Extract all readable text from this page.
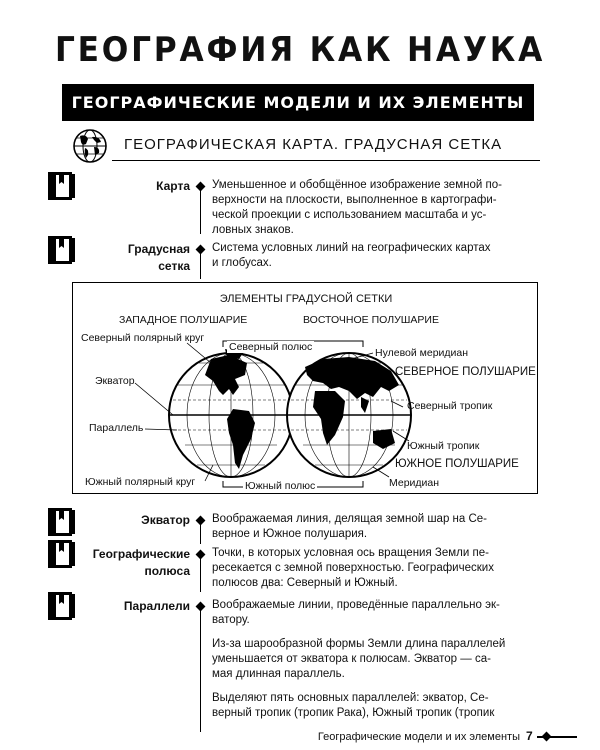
ГЕОГРАФИЯ КАК НАУКА
ГЕОГРАФИЧЕСКИЕ МОДЕЛИ И ИХ ЭЛЕМЕНТЫ
ГЕОГРАФИЧЕСКАЯ КАРТА. ГРАДУСНАЯ СЕТКА
Карта Уменьшенное и обобщённое изображение земной по-
верхности на плоскости, выполненное в картографи-
ческой проекции с использованием масштаба и ус-
ловных знаков.
Градусная
сетка
Система условных линий на географических картах
и глобусах.
ЭЛЕМЕНТЫ ГРАДУСНОЙ СЕТКИ
ЗАПАДНОЕ ПОЛУШАРИЕ	ВОСТОЧНОЕ ПОЛУШАРИЕ
Северный полярный круг
Северный полюс	Нулевой меридиан
СЕВЕРНОЕ ПОЛУШАРИЕ
Экватор
Северный тропик
Параллель
Южный тропик
ЮЖНОЕ ПОЛУШАРИЕ
Южный полярный круг	Южный полюс	Меридиан
Экватор Воображаемая линия, делящая земной шар на Се-
верное и Южное полушария.
Географические
полюса
Точки, в которых условная ось вращения Земли пе-
ресекается с земной поверхностью. Географических
полюсов два: Северный и Южный.
Параллели Воображаемые линии, проведённые параллельно эк-
ватору.
Из-за шарообразной формы Земли длина параллелей
уменьшается от экватора к полюсам. Экватор — са-
мая длинная параллель.
Выделяют пять основных параллелей: экватор, Се-
верный тропик (тропик Рака), Южный тропик (тропик
Географические модели и их элементы 7
